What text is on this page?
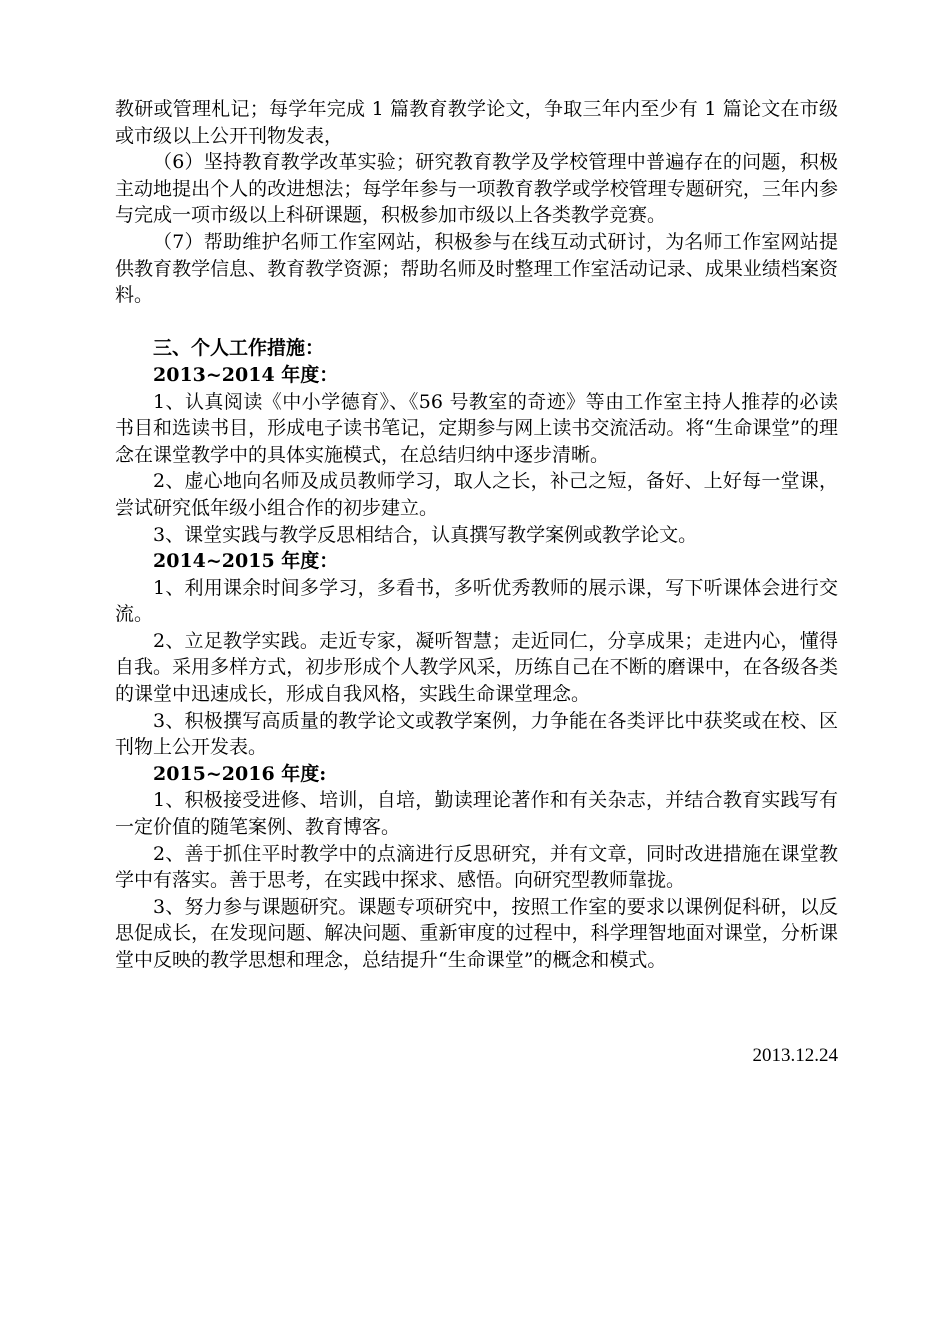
教研或管理札记；每学年完成 1 篇教育教学论文，争取三年内至少有 1 篇论文在市级或市级以上公开刊物发表，

（6）坚持教育教学改革实验；研究教育教学及学校管理中普遍存在的问题，积极主动地提出个人的改进想法；每学年参与一项教育教学或学校管理专题研究，三年内参与完成一项市级以上科研课题，积极参加市级以上各类教学竞赛。

（7）帮助维护名师工作室网站，积极参与在线互动式研讨，为名师工作室网站提供教育教学信息、教育教学资源；帮助名师及时整理工作室活动记录、成果业绩档案资料。

三、个人工作措施：

2013~2014 年度：

1、认真阅读《中小学德育》、《56 号教室的奇迹》等由工作室主持人推荐的必读书目和选读书目，形成电子读书笔记，定期参与网上读书交流活动。将“生命课堂”的理念在课堂教学中的具体实施模式，在总结归纳中逐步清晰。

2、虚心地向名师及成员教师学习，取人之长，补己之短，备好、上好每一堂课，尝试研究低年级小组合作的初步建立。

3、课堂实践与教学反思相结合，认真撰写教学案例或教学论文。

2014~2015 年度：

1、利用课余时间多学习，多看书，多听优秀教师的展示课，写下听课体会进行交流。

2、立足教学实践。走近专家，凝听智慧；走近同仁，分享成果；走进内心，懂得自我。采用多样方式，初步形成个人教学风采，历练自己在不断的磨课中，在各级各类的课堂中迅速成长，形成自我风格，实践生命课堂理念。

3、积极撰写高质量的教学论文或教学案例，力争能在各类评比中获奖或在校、区刊物上公开发表。

2015~2016 年度:

1、积极接受进修、培训，自培，勤读理论著作和有关杂志，并结合教育实践写有一定价值的随笔案例、教育博客。

2、善于抓住平时教学中的点滴进行反思研究，并有文章，同时改进措施在课堂教学中有落实。善于思考，在实践中探求、感悟。向研究型教师靠拢。

3、努力参与课题研究。课题专项研究中，按照工作室的要求以课例促科研，以反思促成长，在发现问题、解决问题、重新审度的过程中，科学理智地面对课堂，分析课堂中反映的教学思想和理念，总结提升“生命课堂”的概念和模式。

2013.12.24
